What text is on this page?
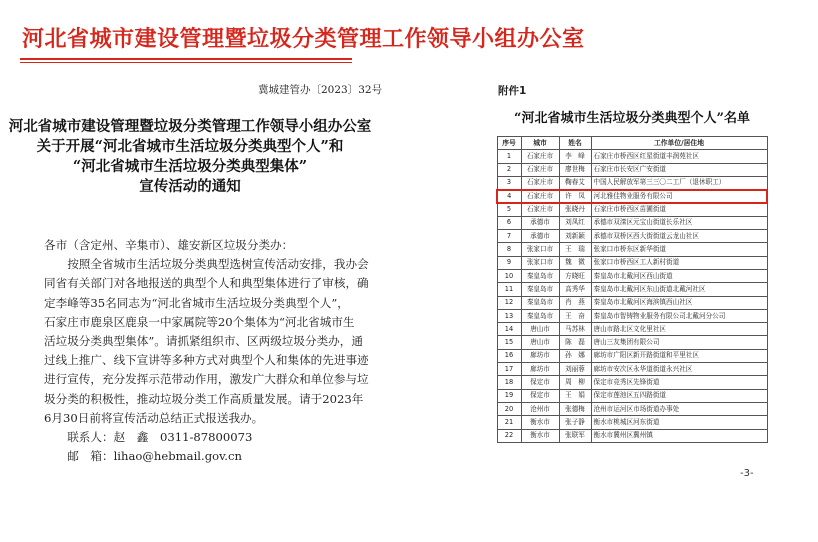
河北省城市建设管理暨垃圾分类管理工作领导小组办公室
冀城建管办〔2023〕32号
河北省城市建设管理暨垃圾分类管理工作领导小组办公室
关于开展“河北省城市生活垃圾分类典型个人”和
“河北省城市生活垃圾分类典型集体”
宣传活动的通知
各市（含定州、辛集市）、雄安新区垃圾分类办：
　　按照全省城市生活垃圾分类典型选树宣传活动安排，我办会
同省有关部门对各地报送的典型个人和典型集体进行了审核，确
定李峰等35名同志为“河北省城市生活垃圾分类典型个人”，
石家庄市鹿泉区鹿泉一中家属院等20个集体为“河北省城市生
活垃圾分类典型集体”。请抓紧组织市、区两级垃圾分类办，通
过线上推广、线下宣讲等多种方式对典型个人和集体的先进事迹
进行宣传，充分发挥示范带动作用，激发广大群众和单位参与垃
圾分类的积极性，推动垃圾分类工作高质量发展。请于2023年
6月30日前将宣传活动总结正式报送我办。
　　联系人：赵　鑫　0311-87800073
　　邮　箱：lihao@hebmail.gov.cn
附件1
“河北省城市生活垃圾分类典型个人”名单
序号	城市	姓名	工作单位/居住地
1	石家庄市	李　峰	石家庄市桥西区红星街道丰润苑社区
2	石家庄市	廖世梅	石家庄市长安区广安街道
3	石家庄市	鞠春艾	中国人民解放军第三三〇二工厂（退休职工）
4	石家庄市	许　凤	河北雅佳物业服务有限公司
5	石家庄市	张晓丹	石家庄市桥西区苗圃街道
6	承德市	刘凤红	承德市双滦区元宝山街道长乐社区
7	承德市	刘新颖	承德市双桥区西大街街道云龙山社区
8	张家口市	王　瑞	张家口市桥东区新华街道
9	张家口市	魏　微	张家口市桥西区工人新村街道
10	秦皇岛市	方晓旺	秦皇岛市北戴河区西山街道
11	秦皇岛市	高秀华	秦皇岛市北戴河区东山街道北戴河社区
12	秦皇岛市	肖　燕	秦皇岛市北戴河区海滨镇西山社区
13	秦皇岛市	王　奋	秦皇岛市智铸物业服务有限公司北戴河分公司
14	唐山市	马苏林	唐山市路北区文化里社区
15	唐山市	陈　磊	唐山三友集团有限公司
16	廊坊市	孙　娜	廊坊市广阳区新开路街道和平里社区
17	廊坊市	刘丽蓉	廊坊市安次区永华道街道永兴社区
18	保定市	周　柳	保定市竞秀区先锋街道
19	保定市	王　娟	保定市莲池区五四路街道
20	沧州市	张德梅	沧州市运河区市场街道办事处
21	衡水市	张子静	衡水市桃城区河东街道
22	衡水市	张联军	衡水市冀州区冀州镇
-3-
